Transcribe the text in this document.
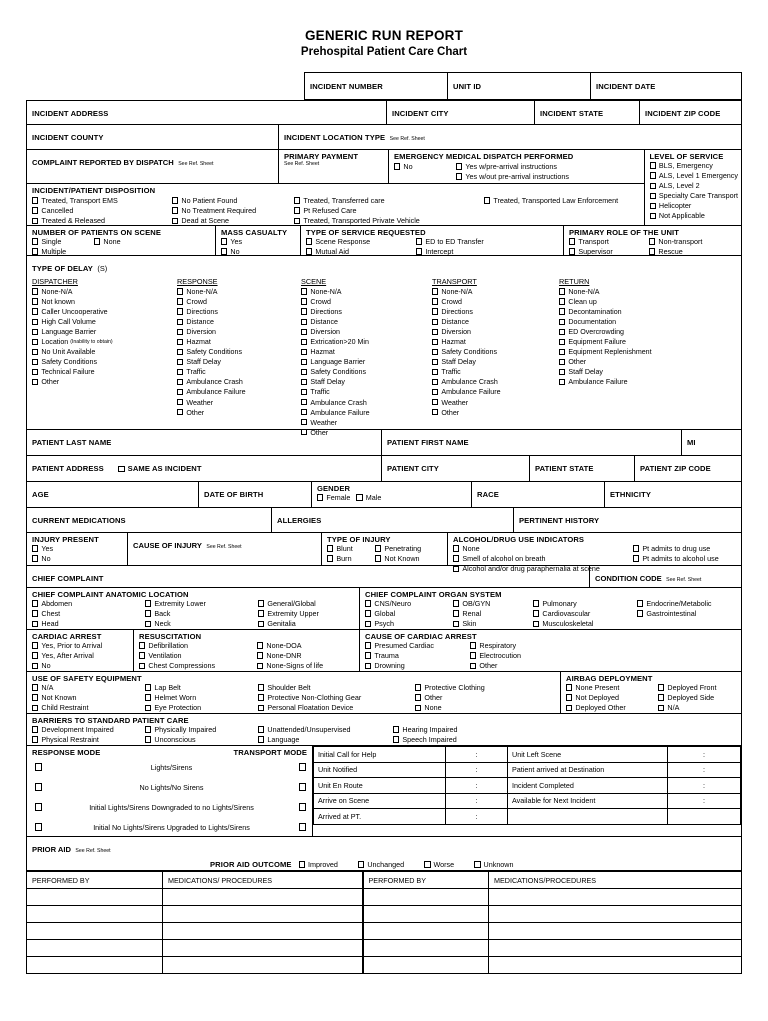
GENERIC RUN REPORT
Prehospital Patient Care Chart
INCIDENT NUMBER	UNIT ID	INCIDENT DATE
INCIDENT ADDRESS	INCIDENT CITY	INCIDENT STATE	INCIDENT ZIP CODE
INCIDENT COUNTY	INCIDENT LOCATION TYPE See Ref. Sheet
COMPLAINT REPORTED BY DISPATCH See Ref. Sheet
PRIMARY PAYMENT
See Ref. Sheet
EMERGENCY MEDICAL DISPATCH PERFORMED
No	Yes w/pre-arrival instructions
Yes w/out pre-arrival instructions
INCIDENT/PATIENT DISPOSITION
Treated, Transport EMS
Cancelled
Treated & Released
No Patient Found
No Treatment Required
Dead at Scene
Treated, Transferred care
Pt Refused Care
Treated, Transported Private Vehicle
Treated, Transported Law Enforcement
LEVEL OF SERVICE
BLS, Emergency
ALS, Level 1 Emergency
ALS, Level 2
Specialty Care Transport
Helicopter
Not Applicable
NUMBER OF PATIENTS ON SCENE
Single
Multiple
None
MASS CASUALTY
Yes
No
TYPE OF SERVICE REQUESTED
Scene Response
Mutual Aid
ED to ED Transfer
Intercept
PRIMARY ROLE OF THE UNIT
Transport
Supervisor
Non-transport
Rescue
TYPE OF DELAY (S)
DISPATCHER
None-N/A
Not known
Caller Uncooperative
High Call Volume
Language Barrier
Location (Inability to obtain)
No Unit Available
Safety Conditions
Technical Failure
Other
RESPONSE
None-N/A
Crowd
Directions
Distance
Diversion
Hazmat
Safety Conditions
Staff Delay
Traffic
Ambulance Crash
Ambulance Failure
Weather
Other
SCENE
None-N/A
Crowd
Directions
Distance
Diversion
Extrication>20 Min
Hazmat
Language Barrier
Safety Conditions
Staff Delay
Traffic
Ambulance Crash
Ambulance Failure
Weather
Other
TRANSPORT
None-N/A
Crowd
Directions
Distance
Diversion
Hazmat
Safety Conditions
Staff Delay
Traffic
Ambulance Crash
Ambulance Failure
Weather
Other
RETURN
None-N/A
Clean up
Decontamination
Documentation
ED Overcrowding
Equipment Failure
Equipment Replenishment
Other
Staff Delay
Ambulance Failure
PATIENT LAST NAME	PATIENT FIRST NAME	MI
PATIENT ADDRESS	SAME AS INCIDENT	PATIENT CITY	PATIENT STATE	PATIENT ZIP CODE
AGE	DATE OF BIRTH
GENDER
Female Male	RACE	ETHNICITY
CURRENT MEDICATIONS	ALLERGIES	PERTINENT HISTORY
INJURY PRESENT
Yes
No
CAUSE OF INJURY See Ref. Sheet
TYPE OF INJURY
Blunt
Burn
Penetrating
Not Known
ALCOHOL/DRUG USE INDICATORS
None
Smell of alcohol on breath
Alcohol and/or drug paraphernalia at scene
Pt admits to drug use
Pt admits to alcohol use
CHIEF COMPLAINT	CONDITION CODE See Ref. Sheet
CHIEF COMPLAINT ANATOMIC LOCATION
Abdomen
Chest
Head
Extremity Lower
Back
Neck
General/Global
Extremity Upper
Genitalia
CHIEF COMPLAINT ORGAN SYSTEM
CNS/Neuro
Global
Psych
OB/GYN
Renal
Skin
Pulmonary
Cardiovascular
Musculoskeletal
Endocrine/Metabolic
Gastrointestinal
CARDIAC ARREST
Yes, Prior to Arrival
Yes, After Arrival
No
RESUSCITATION
Defibrillation
Ventilation
Chest Compressions
None-DOA
None-DNR
None-Signs of life
CAUSE OF CARDIAC ARREST
Presumed Cardiac
Trauma
Drowning
Respiratory
Electrocution
Other
USE OF SAFETY EQUIPMENT
N/A
Not Known
Child Restraint
Lap Belt
Helmet Worn
Eye Protection
Shoulder Belt
Protective Non-Clothing Gear
Personal Floatation Device
Protective Clothing
Other
None
AIRBAG DEPLOYMENT
None Present
Not Deployed
Deployed Other
Deployed Front
Deployed Side
N/A
BARRIERS TO STANDARD PATIENT CARE
Development Impaired
Physical Restraint
Physically Impaired
Unconscious
Unattended/Unsupervised
Language
Hearing Impaired
Speech Impaired
RESPONSE MODE	TRANSPORT MODE
Lights/Sirens
No Lights/No Sirens
Initial Lights/Sirens Downgraded to no Lights/Sirens
Initial No Lights/Sirens Upgraded to Lights/Sirens
Initial Call for Help	:	Unit Left Scene	:
Unit Notified	:	Patient arrived at Destination	:
Unit En Route	:	Incident Completed	:
Arrive on Scene	:	Available for Next Incident	:
Arrived at PT.	:		
PRIOR AID See Ref. Sheet
PRIOR AID OUTCOME Improved	Unchanged	Worse	Unknown
PERFORMED BY	MEDICATIONS/ PROCEDURES	PERFORMED BY	MEDICATIONS/PROCEDURES
